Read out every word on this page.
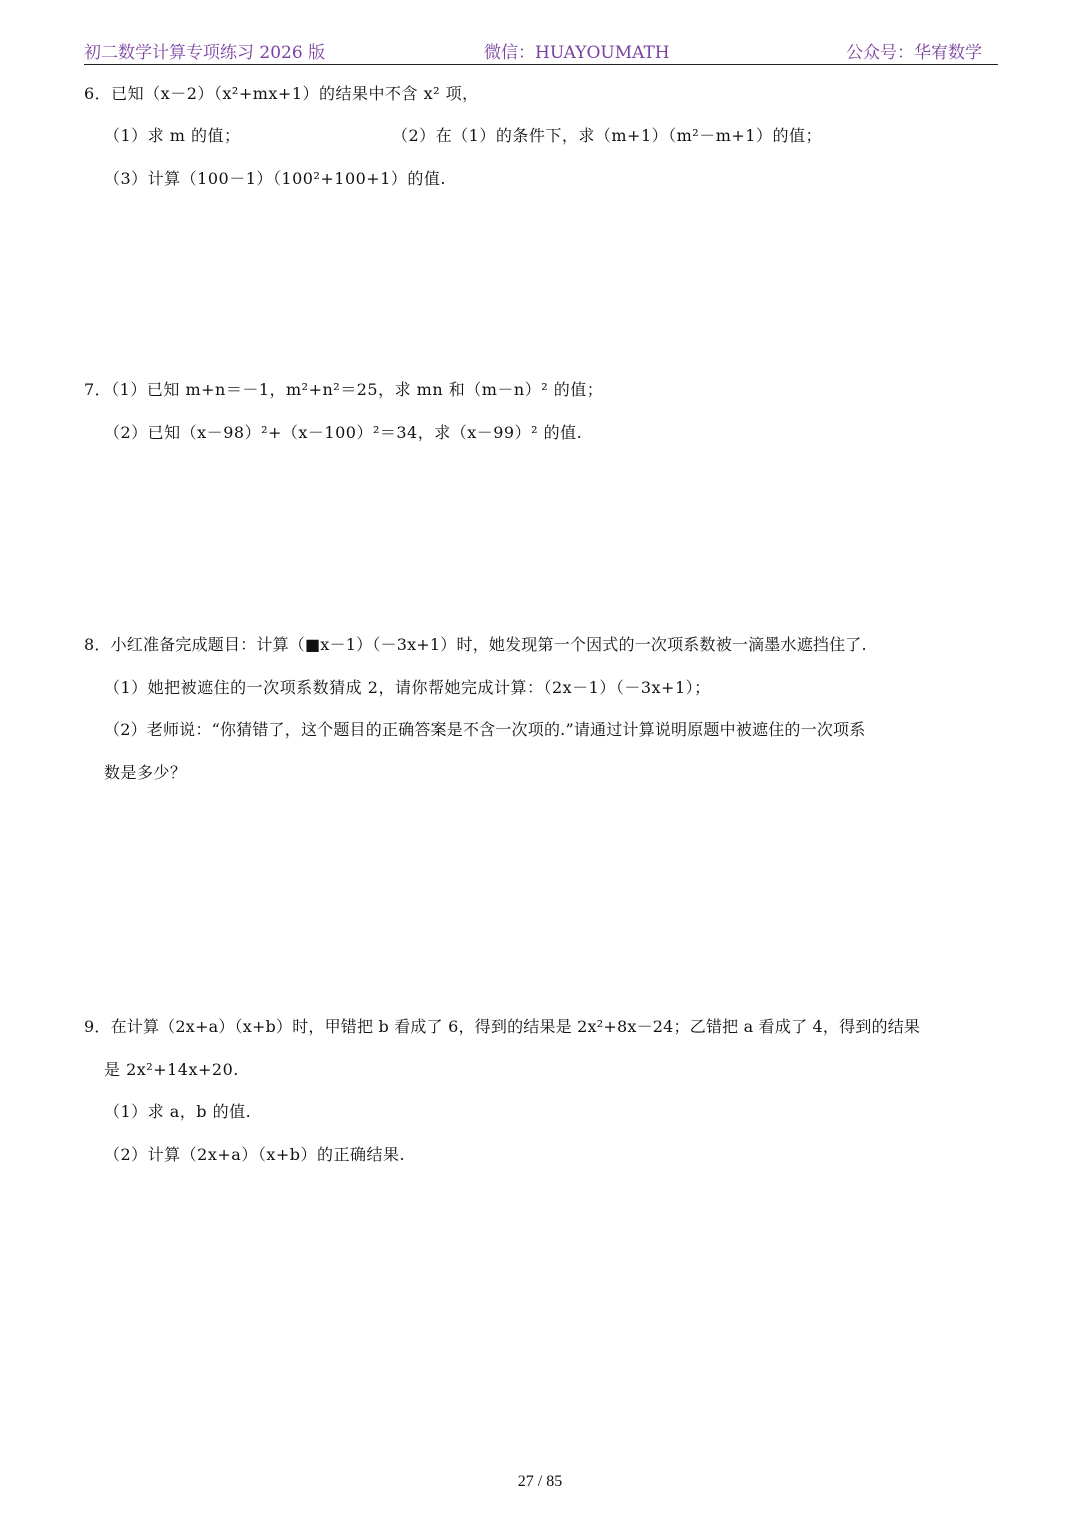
初二数学计算专项练习 2026 版	微信：HUAYOUMATH	公众号：华宥数学
6．已知（x－2）（x²+mx+1）的结果中不含 x² 项，
（1）求 m 的值；	（2）在（1）的条件下，求（m+1）（m²－m+1）的值；
（3）计算（100－1）（100²+100+1）的值.
7．（1）已知 m+n＝－1，m²+n²＝25，求 mn 和（m－n）² 的值；
（2）已知（x－98）²+（x－100）²＝34，求（x－99）² 的值.
8．小红准备完成题目：计算（■x－1）（－3x+1）时，她发现第一个因式的一次项系数被一滴墨水遮挡住了.
（1）她把被遮住的一次项系数猜成 2，请你帮她完成计算：（2x－1）（－3x+1）；
（2）老师说：“你猜错了，这个题目的正确答案是不含一次项的.”请通过计算说明原题中被遮住的一次项系
数是多少？
9．在计算（2x+a）（x+b）时，甲错把 b 看成了 6，得到的结果是 2x²+8x－24；乙错把 a 看成了 4，得到的结果
是 2x²+14x+20.
（1）求 a，b 的值.
（2）计算（2x+a）（x+b）的正确结果.
27 / 85
